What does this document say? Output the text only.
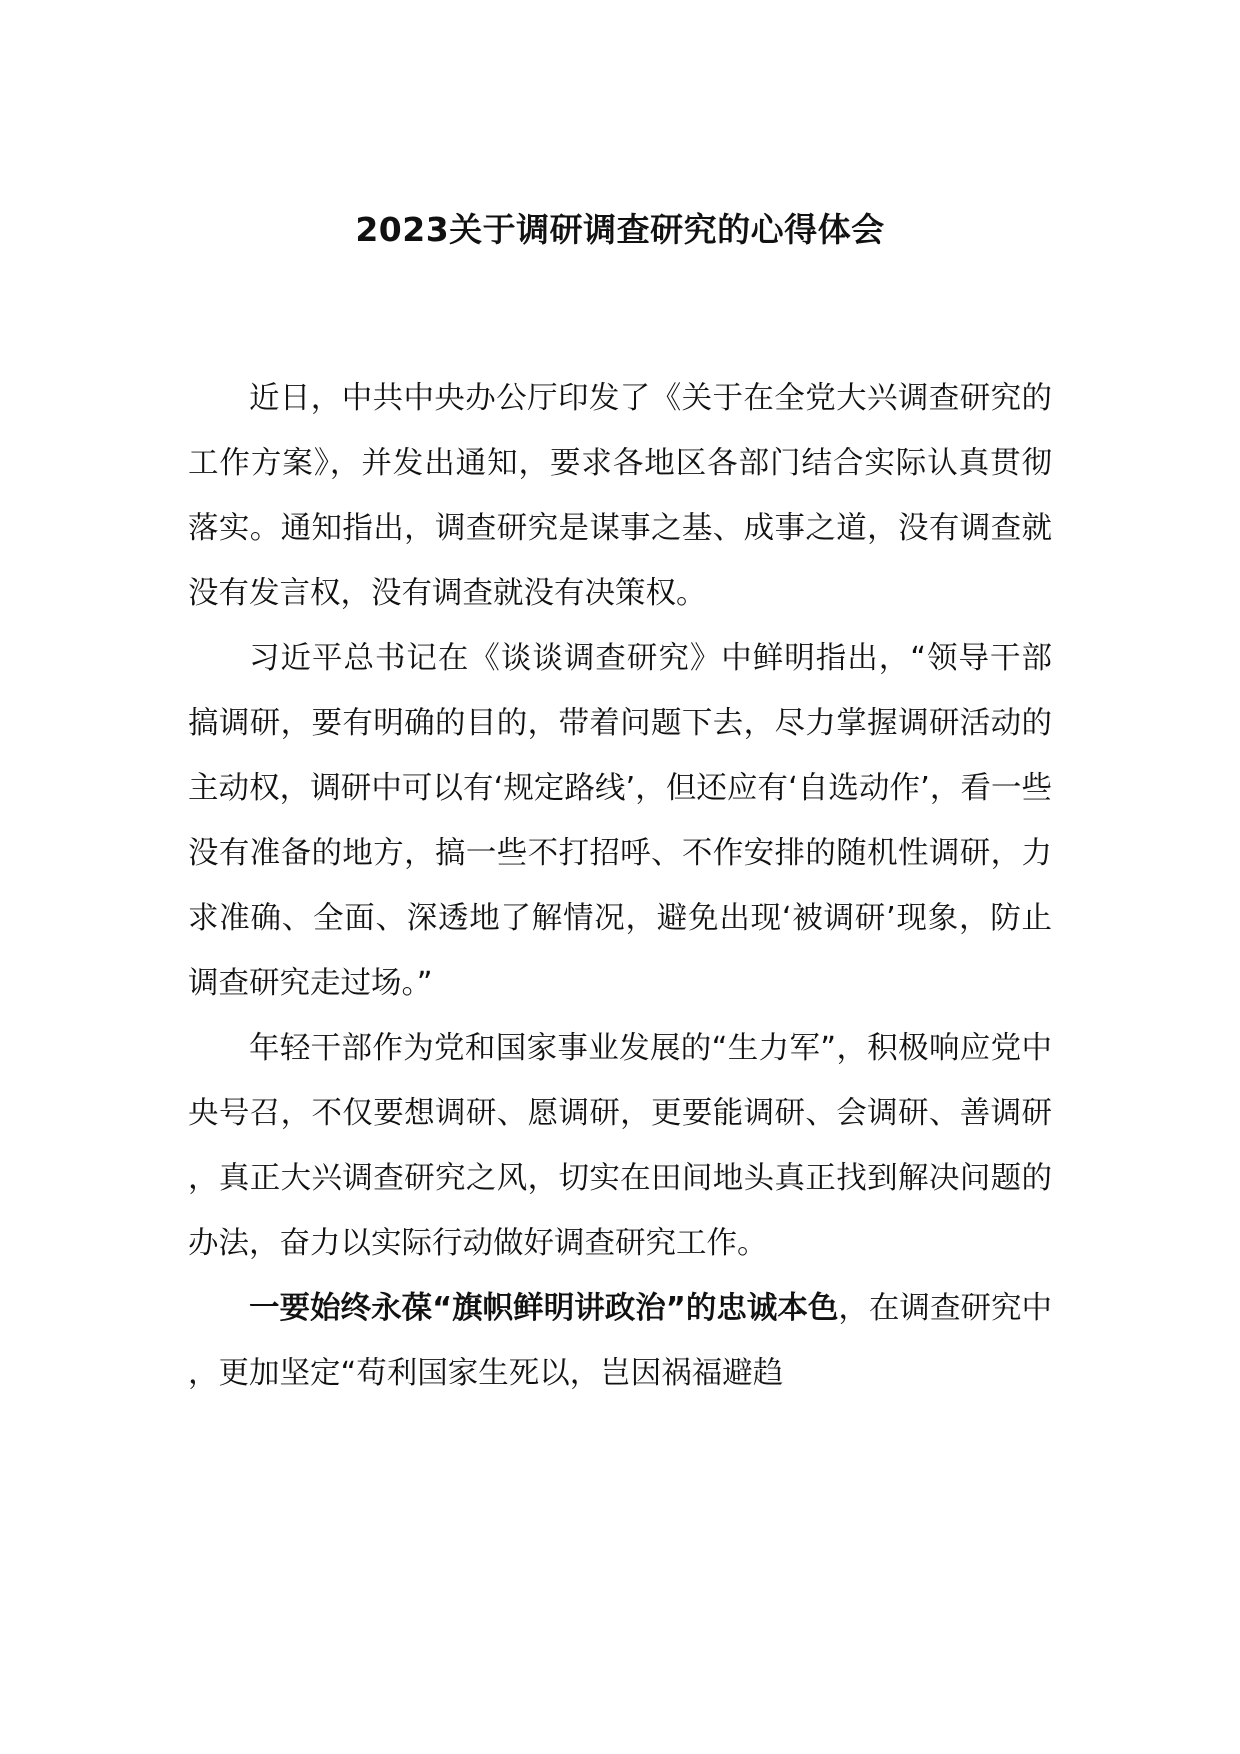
2023关于调研调查研究的心得体会

近日，中共中央办公厅印发了《关于在全党大兴调查研究的工作方案》，并发出通知，要求各地区各部门结合实际认真贯彻落实。通知指出，调查研究是谋事之基、成事之道，没有调查就没有发言权，没有调查就没有决策权。

习近平总书记在《谈谈调查研究》中鲜明指出，“领导干部搞调研，要有明确的目的，带着问题下去，尽力掌握调研活动的主动权，调研中可以有‘规定路线’，但还应有‘自选动作’，看一些没有准备的地方，搞一些不打招呼、不作安排的随机性调研，力求准确、全面、深透地了解情况，避免出现‘被调研’现象，防止调查研究走过场。”

年轻干部作为党和国家事业发展的“生力军”，积极响应党中央号召，不仅要想调研、愿调研，更要能调研、会调研、善调研，真正大兴调查研究之风，切实在田间地头真正找到解决问题的办法，奋力以实际行动做好调查研究工作。

一要始终永葆“旗帜鲜明讲政治”的忠诚本色，在调查研究中，更加坚定“苟利国家生死以，岂因祸福避趋
